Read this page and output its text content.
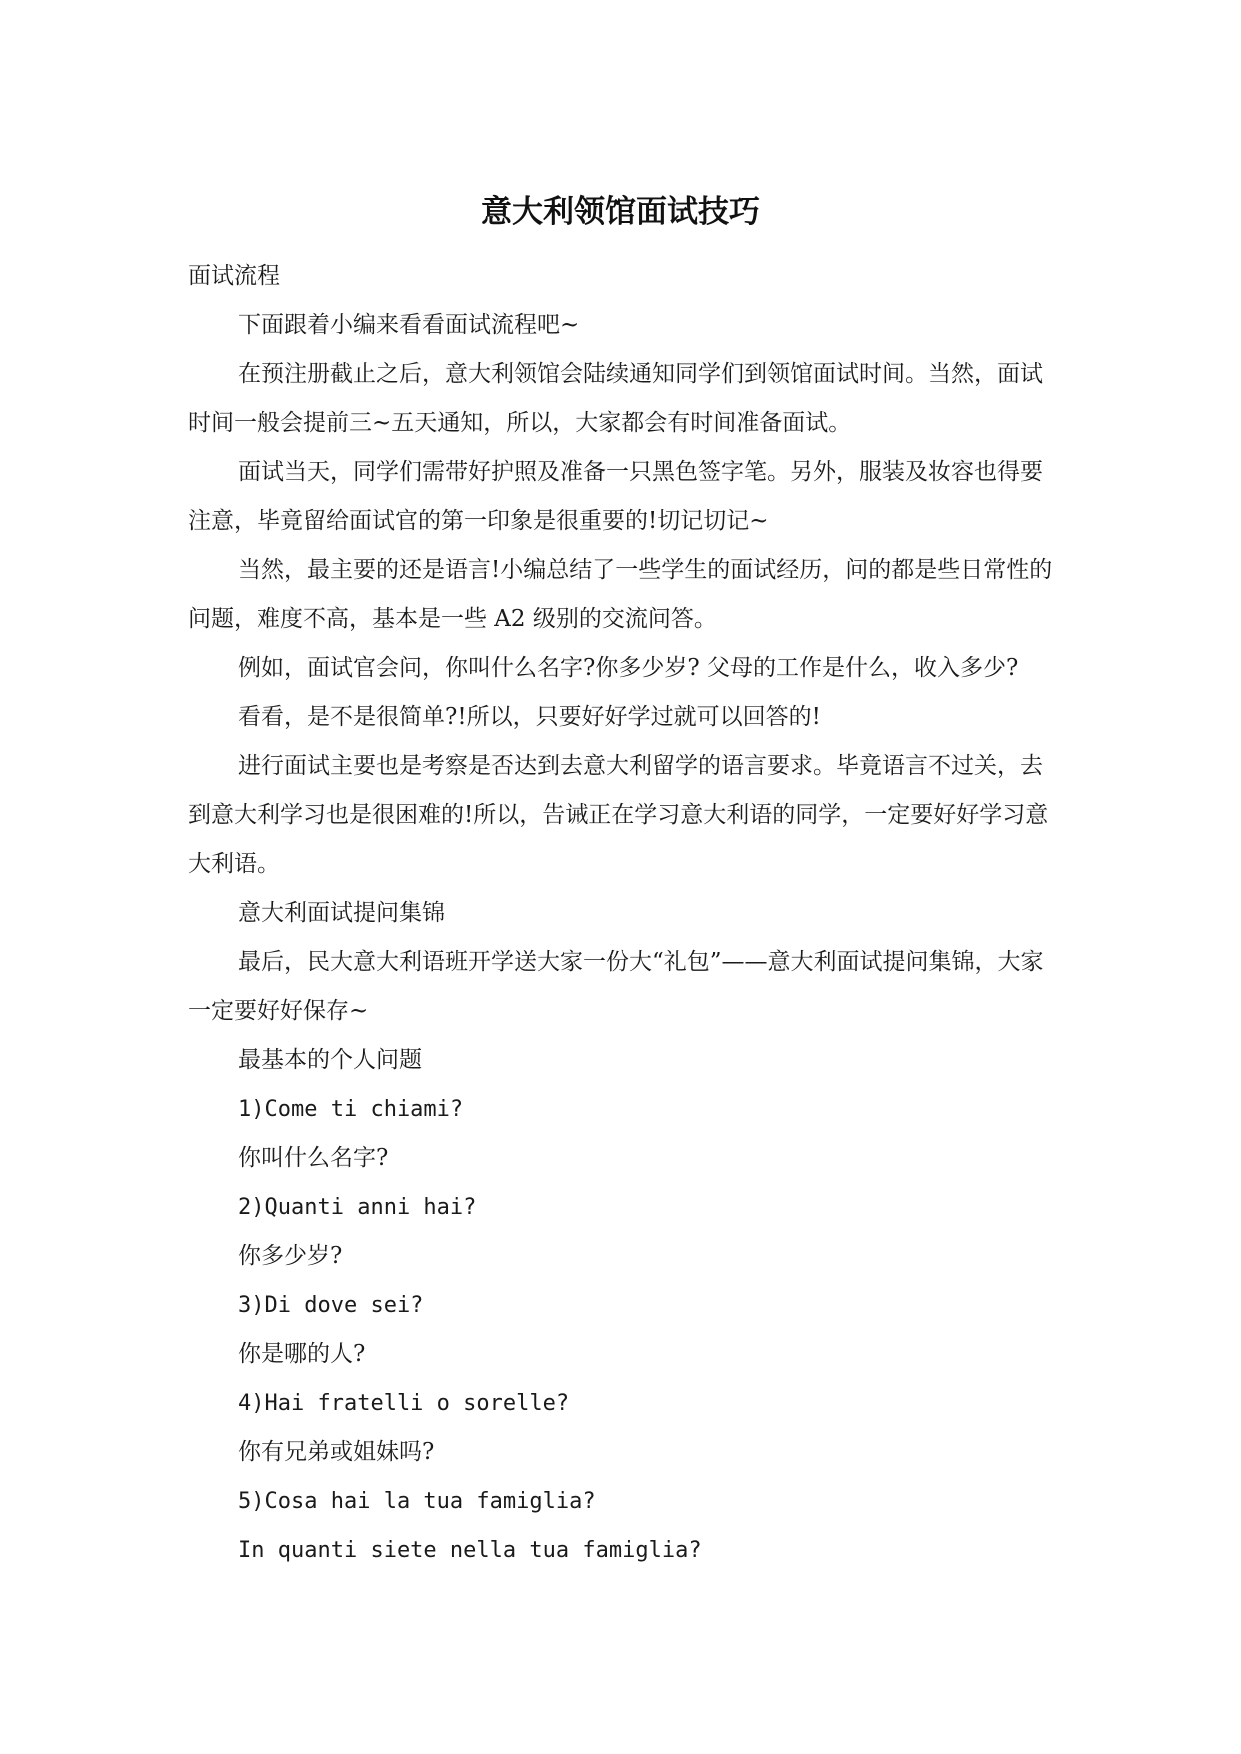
意大利领馆面试技巧

面试流程

下面跟着小编来看看面试流程吧~

在预注册截止之后，意大利领馆会陆续通知同学们到领馆面试时间。当然，面试时间一般会提前三~五天通知，所以，大家都会有时间准备面试。

面试当天，同学们需带好护照及准备一只黑色签字笔。另外，服装及妆容也得要注意，毕竟留给面试官的第一印象是很重要的!切记切记~

当然，最主要的还是语言!小编总结了一些学生的面试经历，问的都是些日常性的问题，难度不高，基本是一些 A2 级别的交流问答。

例如，面试官会问，你叫什么名字?你多少岁? 父母的工作是什么，收入多少?

看看，是不是很简单?!所以，只要好好学过就可以回答的!

进行面试主要也是考察是否达到去意大利留学的语言要求。毕竟语言不过关，去到意大利学习也是很困难的!所以，告诫正在学习意大利语的同学，一定要好好学习意大利语。

意大利面试提问集锦

最后，民大意大利语班开学送大家一份大“礼包”——意大利面试提问集锦，大家一定要好好保存~

最基本的个人问题

1)Come ti chiami?

你叫什么名字?

2)Quanti anni hai?

你多少岁?

3)Di dove sei?

你是哪的人?

4)Hai fratelli o sorelle?

你有兄弟或姐妹吗?

5)Cosa hai la tua famiglia?

In quanti siete nella tua famiglia?
